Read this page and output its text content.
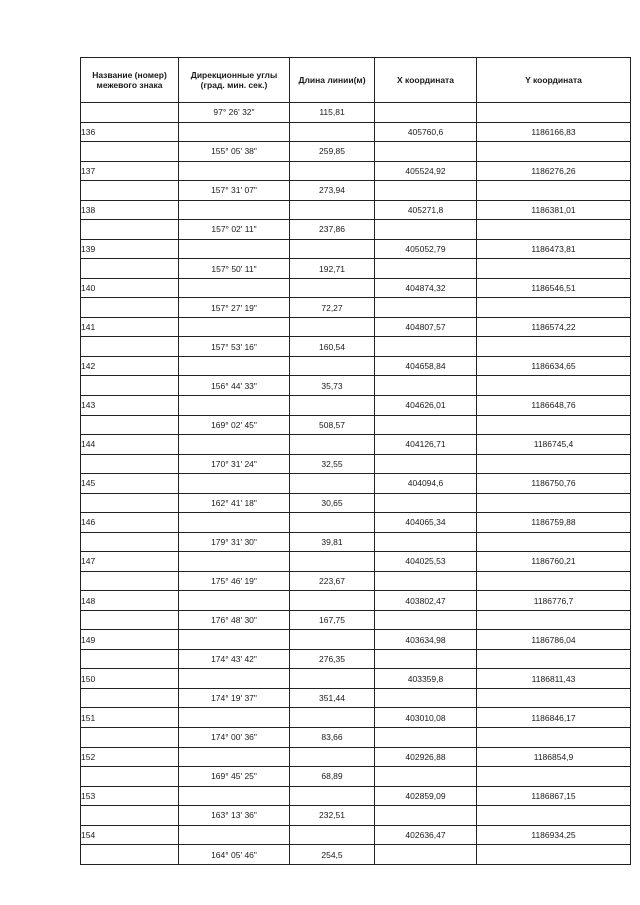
Название (номер) межевого знака	Дирекционные углы (град. мин. сек.)	Длина линии(м)	X координата	Y координата
	97° 26' 32"	115,81		
136			405760,6	1186166,83
	155° 05' 38"	259,85		
137			405524,92	1186276,26
	157° 31' 07"	273,94		
138			405271,8	1186381,01
	157° 02' 11"	237,86		
139			405052,79	1186473,81
	157° 50' 11"	192,71		
140			404874,32	1186546,51
	157° 27' 19"	72,27		
141			404807,57	1186574,22
	157° 53' 16"	160,54		
142			404658,84	1186634,65
	156° 44' 33"	35,73		
143			404626,01	1186648,76
	169° 02' 45"	508,57		
144			404126,71	1186745,4
	170° 31' 24"	32,55		
145			404094,6	1186750,76
	162° 41' 18"	30,65		
146			404065,34	1186759,88
	179° 31' 30"	39,81		
147			404025,53	1186760,21
	175° 46' 19"	223,67		
148			403802,47	1186776,7
	176° 48' 30"	167,75		
149			403634,98	1186786,04
	174° 43' 42"	276,35		
150			403359,8	1186811,43
	174° 19' 37"	351,44		
151			403010,08	1186846,17
	174° 00' 36"	83,66		
152			402926,88	1186854,9
	169° 45' 25"	68,89		
153			402859,09	1186867,15
	163° 13' 36"	232,51		
154			402636,47	1186934,25
	164° 05' 46"	254,5		
